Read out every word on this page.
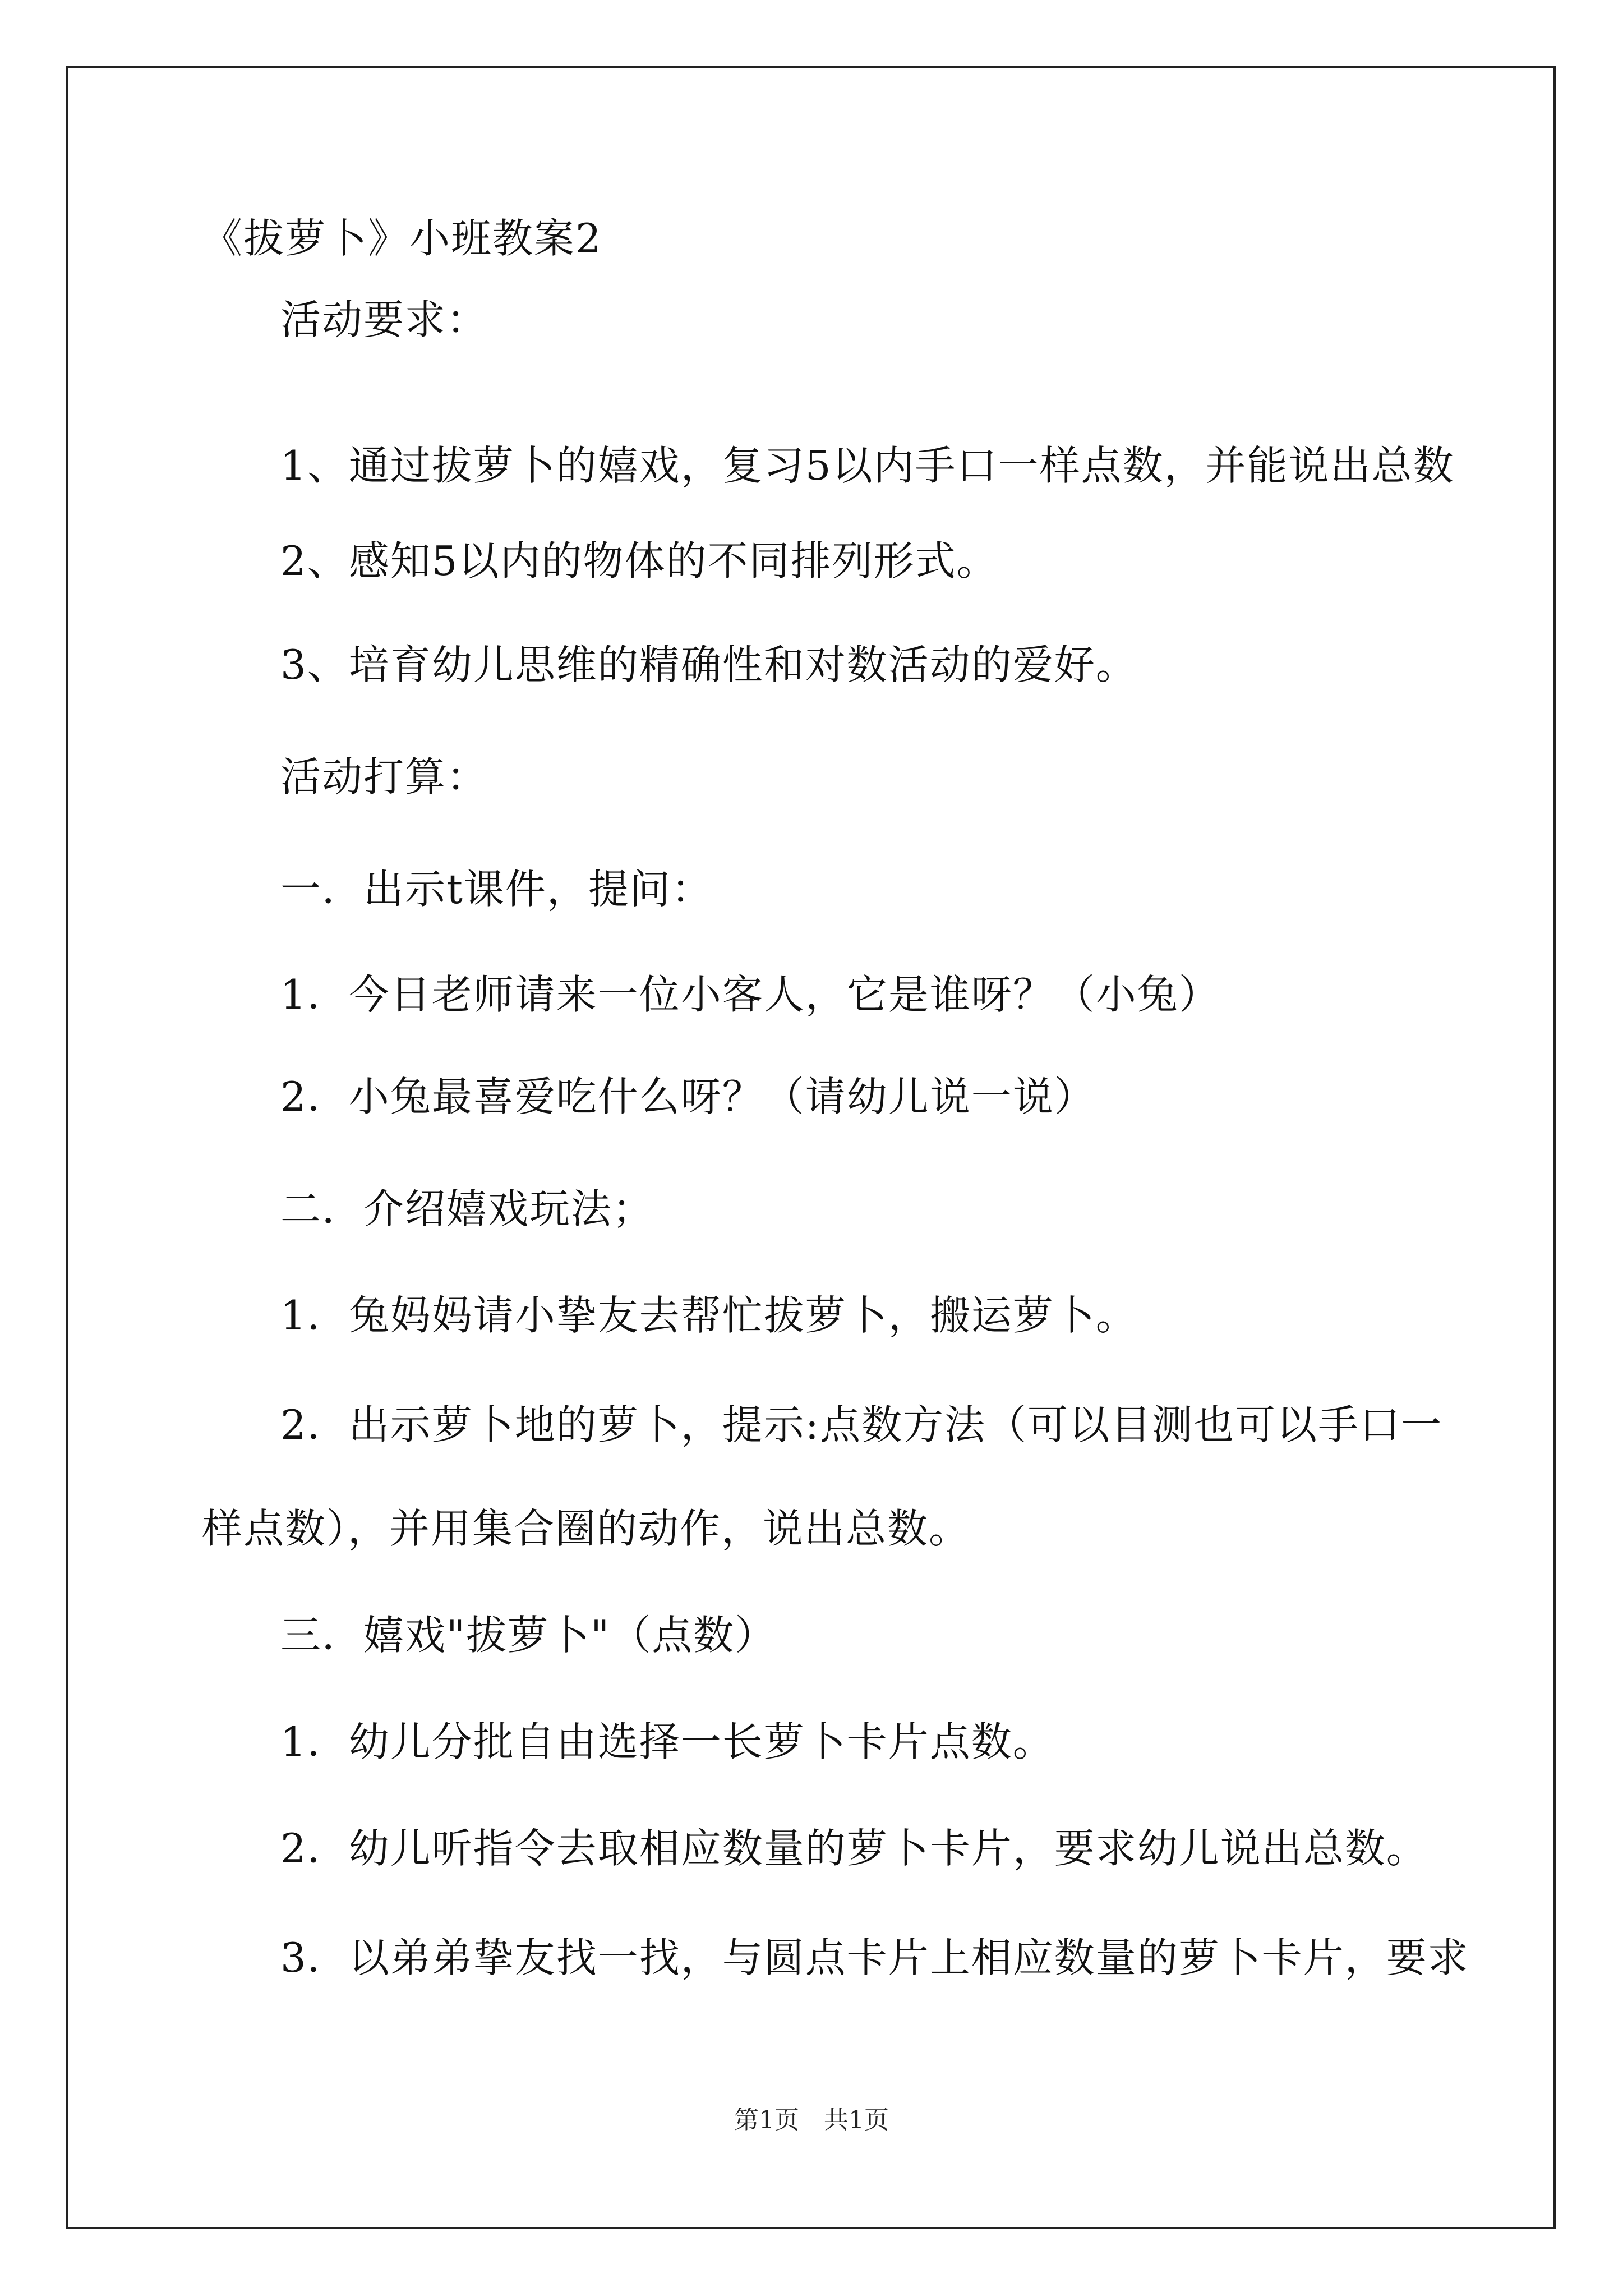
《拔萝卜》小班教案2
活动要求：
1、通过拔萝卜的嬉戏，复习5以内手口一样点数，并能说出总数
2、感知5以内的物体的不同排列形式。
3、培育幼儿思维的精确性和对数活动的爱好。
活动打算：
一．出示t课件，提问：
1．今日老师请来一位小客人，它是谁呀？（小兔）
2．小兔最喜爱吃什么呀？（请幼儿说一说）
二．介绍嬉戏玩法；
1．兔妈妈请小挚友去帮忙拔萝卜，搬运萝卜。
2．出示萝卜地的萝卜，提示:点数方法（可以目测也可以手口一
样点数），并用集合圈的动作，说出总数。
三．嬉戏"拔萝卜"（点数）
1．幼儿分批自由选择一长萝卜卡片点数。
2．幼儿听指令去取相应数量的萝卜卡片，要求幼儿说出总数。
3．以弟弟挚友找一找，与圆点卡片上相应数量的萝卜卡片，要求
第1页　共1页
